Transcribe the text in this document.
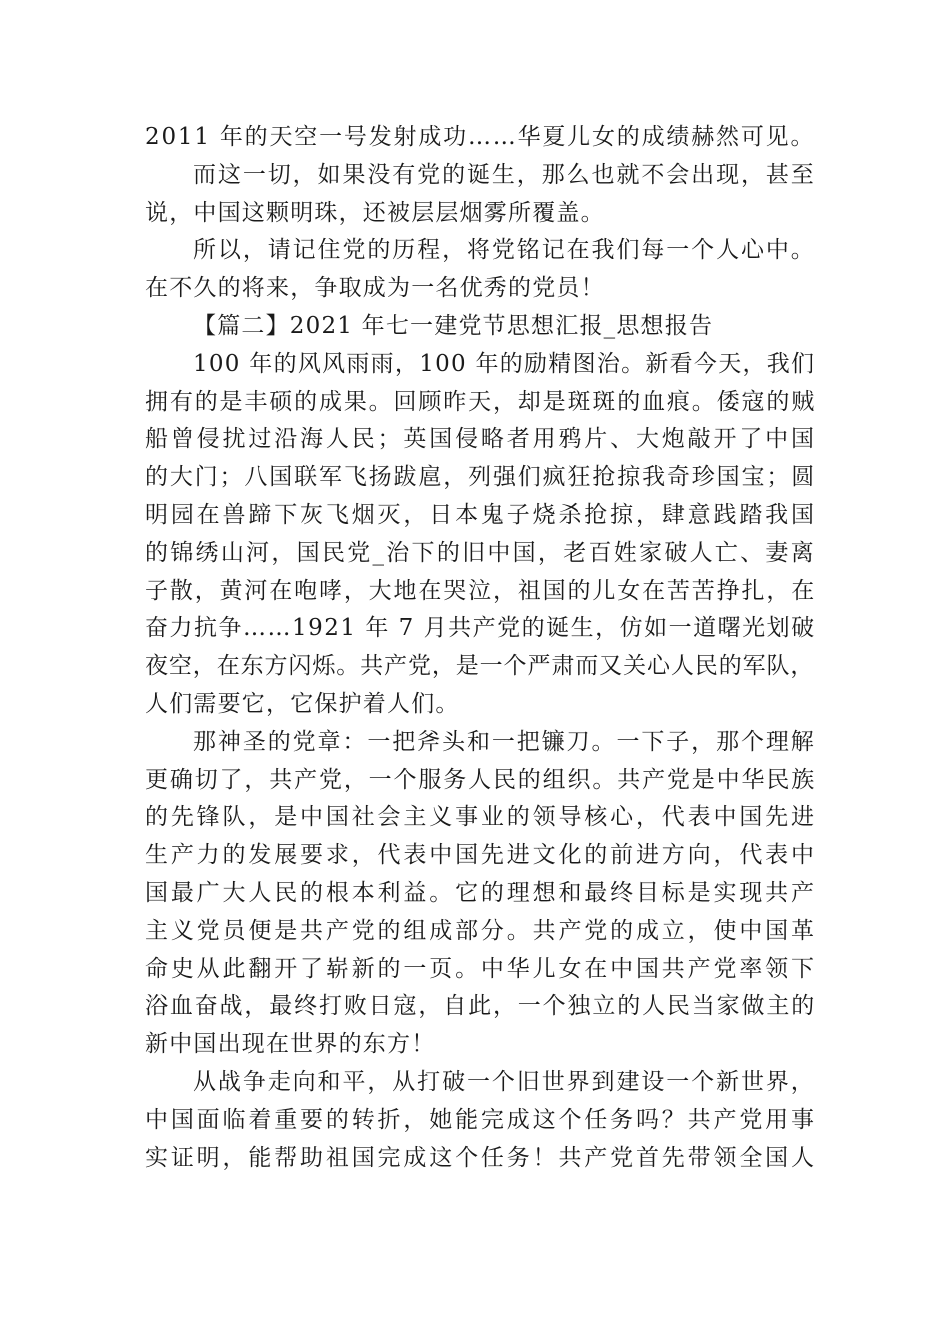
2011 年的天空一号发射成功……华夏儿女的成绩赫然可见。
而这一切，如果没有党的诞生，那么也就不会出现，甚至
说，中国这颗明珠，还被层层烟雾所覆盖。
所以，请记住党的历程，将党铭记在我们每一个人心中。
在不久的将来，争取成为一名优秀的党员！
【篇二】2021 年七一建党节思想汇报_思想报告
100 年的风风雨雨，100 年的励精图治。新看今天，我们
拥有的是丰硕的成果。回顾昨天，却是斑斑的血痕。倭寇的贼
船曾侵扰过沿海人民；英国侵略者用鸦片、大炮敲开了中国
的大门；八国联军飞扬跋扈，列强们疯狂抢掠我奇珍国宝；圆
明园在兽蹄下灰飞烟灭，日本鬼子烧杀抢掠，肆意践踏我国
的锦绣山河，国民党_治下的旧中国，老百姓家破人亡、妻离
子散，黄河在咆哮，大地在哭泣，祖国的儿女在苦苦挣扎，在
奋力抗争……1921 年 7 月共产党的诞生，仿如一道曙光划破
夜空，在东方闪烁。共产党，是一个严肃而又关心人民的军队，
人们需要它，它保护着人们。
那神圣的党章：一把斧头和一把镰刀。一下子，那个理解
更确切了，共产党，一个服务人民的组织。共产党是中华民族
的先锋队，是中国社会主义事业的领导核心，代表中国先进
生产力的发展要求，代表中国先进文化的前进方向，代表中
国最广大人民的根本利益。它的理想和最终目标是实现共产
主义党员便是共产党的组成部分。共产党的成立，使中国革
命史从此翻开了崭新的一页。中华儿女在中国共产党率领下
浴血奋战，最终打败日寇，自此，一个独立的人民当家做主的
新中国出现在世界的东方！
从战争走向和平，从打破一个旧世界到建设一个新世界，
中国面临着重要的转折，她能完成这个任务吗？共产党用事
实证明，能帮助祖国完成这个任务！共产党首先带领全国人
